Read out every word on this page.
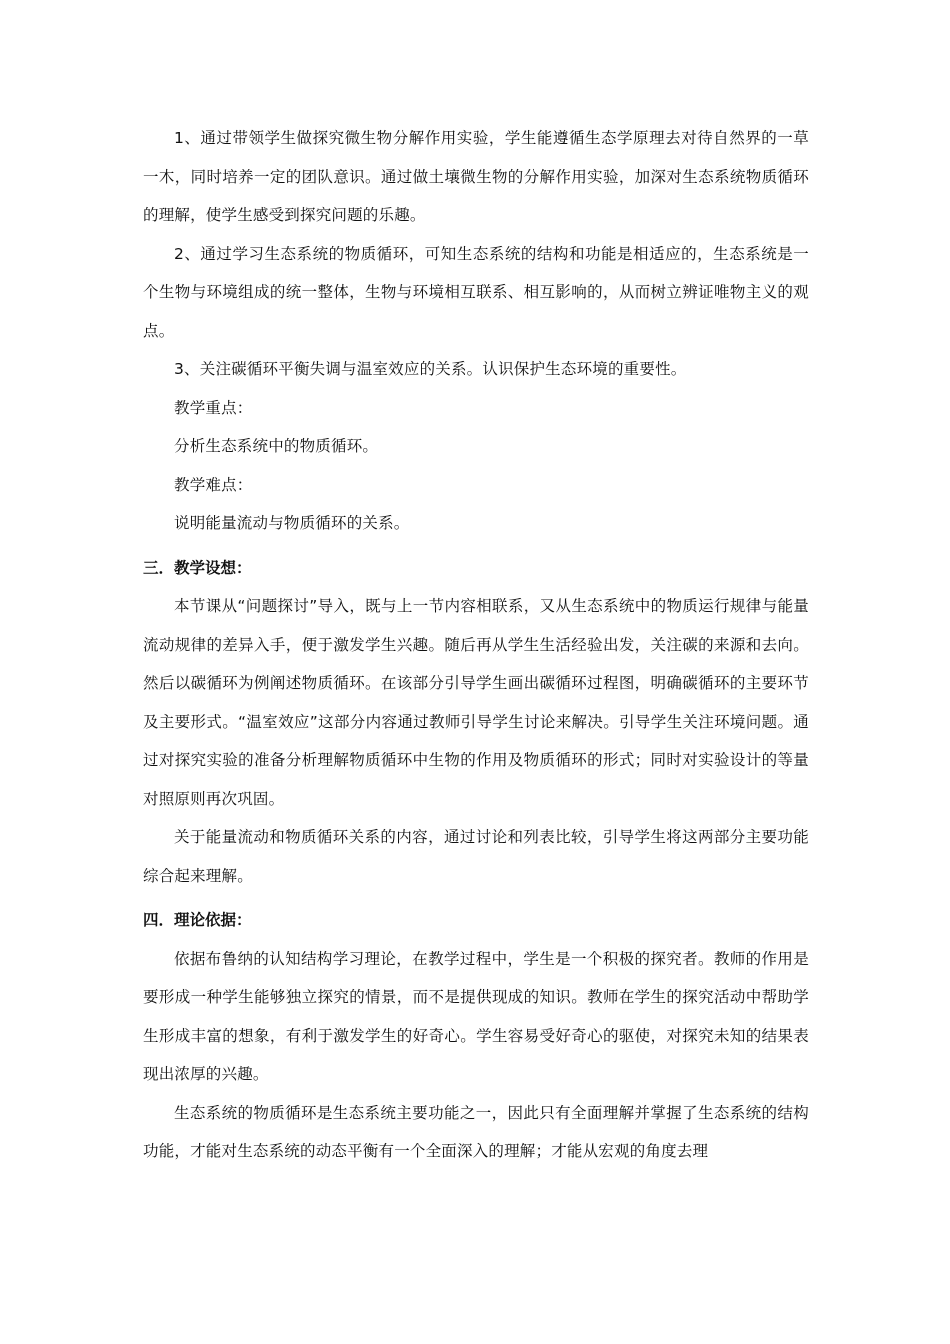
1、通过带领学生做探究微生物分解作用实验，学生能遵循生态学原理去对待自然界的一草一木，同时培养一定的团队意识。通过做土壤微生物的分解作用实验，加深对生态系统物质循环的理解，使学生感受到探究问题的乐趣。

2、通过学习生态系统的物质循环，可知生态系统的结构和功能是相适应的，生态系统是一个生物与环境组成的统一整体，生物与环境相互联系、相互影响的，从而树立辨证唯物主义的观点。

3、关注碳循环平衡失调与温室效应的关系。认识保护生态环境的重要性。

教学重点：

分析生态系统中的物质循环。

教学难点：

说明能量流动与物质循环的关系。

三．教学设想：

本节课从“问题探讨”导入，既与上一节内容相联系，又从生态系统中的物质运行规律与能量流动规律的差异入手，便于激发学生兴趣。随后再从学生生活经验出发，关注碳的来源和去向。然后以碳循环为例阐述物质循环。在该部分引导学生画出碳循环过程图，明确碳循环的主要环节及主要形式。“温室效应”这部分内容通过教师引导学生讨论来解决。引导学生关注环境问题。通过对探究实验的准备分析理解物质循环中生物的作用及物质循环的形式；同时对实验设计的等量对照原则再次巩固。

关于能量流动和物质循环关系的内容，通过讨论和列表比较，引导学生将这两部分主要功能综合起来理解。

四．理论依据：

依据布鲁纳的认知结构学习理论，在教学过程中，学生是一个积极的探究者。教师的作用是要形成一种学生能够独立探究的情景，而不是提供现成的知识。教师在学生的探究活动中帮助学生形成丰富的想象，有利于激发学生的好奇心。学生容易受好奇心的驱使，对探究未知的结果表现出浓厚的兴趣。

生态系统的物质循环是生态系统主要功能之一，因此只有全面理解并掌握了生态系统的结构功能，才能对生态系统的动态平衡有一个全面深入的理解；才能从宏观的角度去理
